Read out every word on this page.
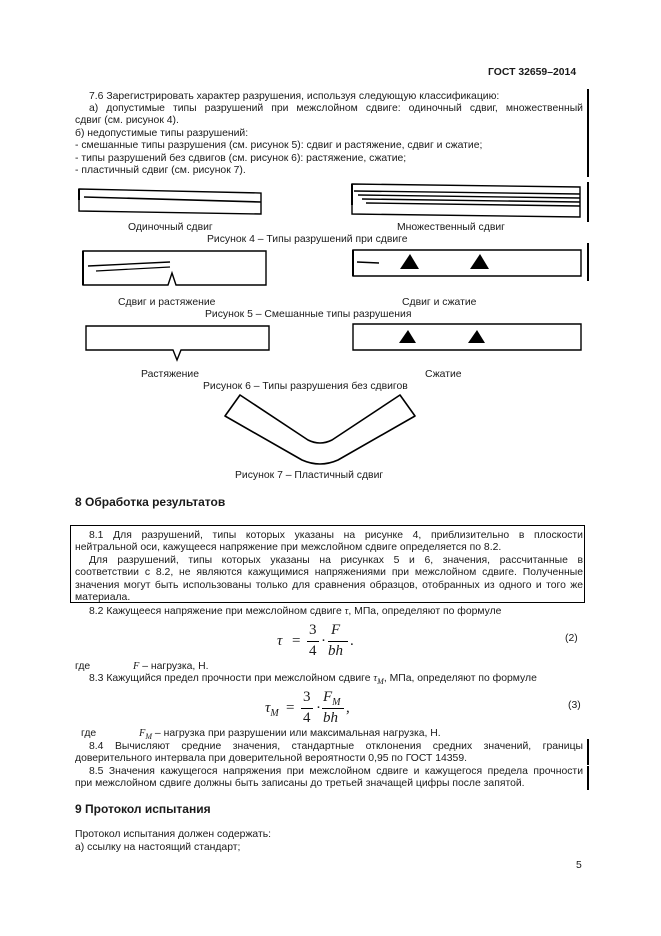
ГОСТ 32659–2014
7.6 Зарегистрировать характер разрушения, используя следующую классификацию:
а) допустимые типы разрушений при межслойном сдвиге: одиночный сдвиг, множественный
сдвиг (см. рисунок 4).
б) недопустимые типы разрушений:
- смешанные типы разрушения (см. рисунок 5): сдвиг и растяжение, сдвиг и сжатие;
- типы разрушений без сдвигов (см. рисунок 6): растяжение, сжатие;
- пластичный сдвиг (см. рисунок 7).
Одиночный сдвиг	Множественный сдвиг
Рисунок 4 – Типы разрушений при сдвиге
Сдвиг и растяжение	Сдвиг и сжатие
Рисунок 5 – Смешанные типы разрушения
Растяжение	Сжатие
Рисунок 6 – Типы разрушения без сдвигов
Рисунок 7 – Пластичный сдвиг
8 Обработка результатов
8.1 Для разрушений, типы которых указаны на рисунке 4, приблизительно в плоскости
нейтральной оси, кажущееся напряжение при межслойном сдвиге определяется по 8.2.
Для разрушений, типы которых указаны на рисунках 5 и 6, значения, рассчитанные в
соответствии с 8.2, не являются кажущимися напряжениями при межслойном сдвиге. Полученные
значения могут быть использованы только для сравнения образцов, отобранных из одного и того же
материала.
8.2 Кажущееся напряжение при межслойном сдвиге τ, МПа, определяют по формуле
τ =
3
4
·
F
bh
.	(2)
где	F – нагрузка, Н.
8.3 Кажущийся предел прочности при межслойном сдвиге $\tau_M$, МПа, определяют по формуле
$\tau_M$ =
3
4
·
$F_M$
bh
,	(3)
где	$F_M$ – нагрузка при разрушении или максимальная нагрузка, Н.
8.4 Вычисляют средние значения, стандартные отклонения средних значений, границы
доверительного интервала при доверительной вероятности 0,95 по ГОСТ 14359.
8.5 Значения кажущегося напряжения при межслойном сдвиге и кажущегося предела прочности
при межслойном сдвиге должны быть записаны до третьей значащей цифры после запятой.
9 Протокол испытания
Протокол испытания должен содержать:
а) ссылку на настоящий стандарт;
5
